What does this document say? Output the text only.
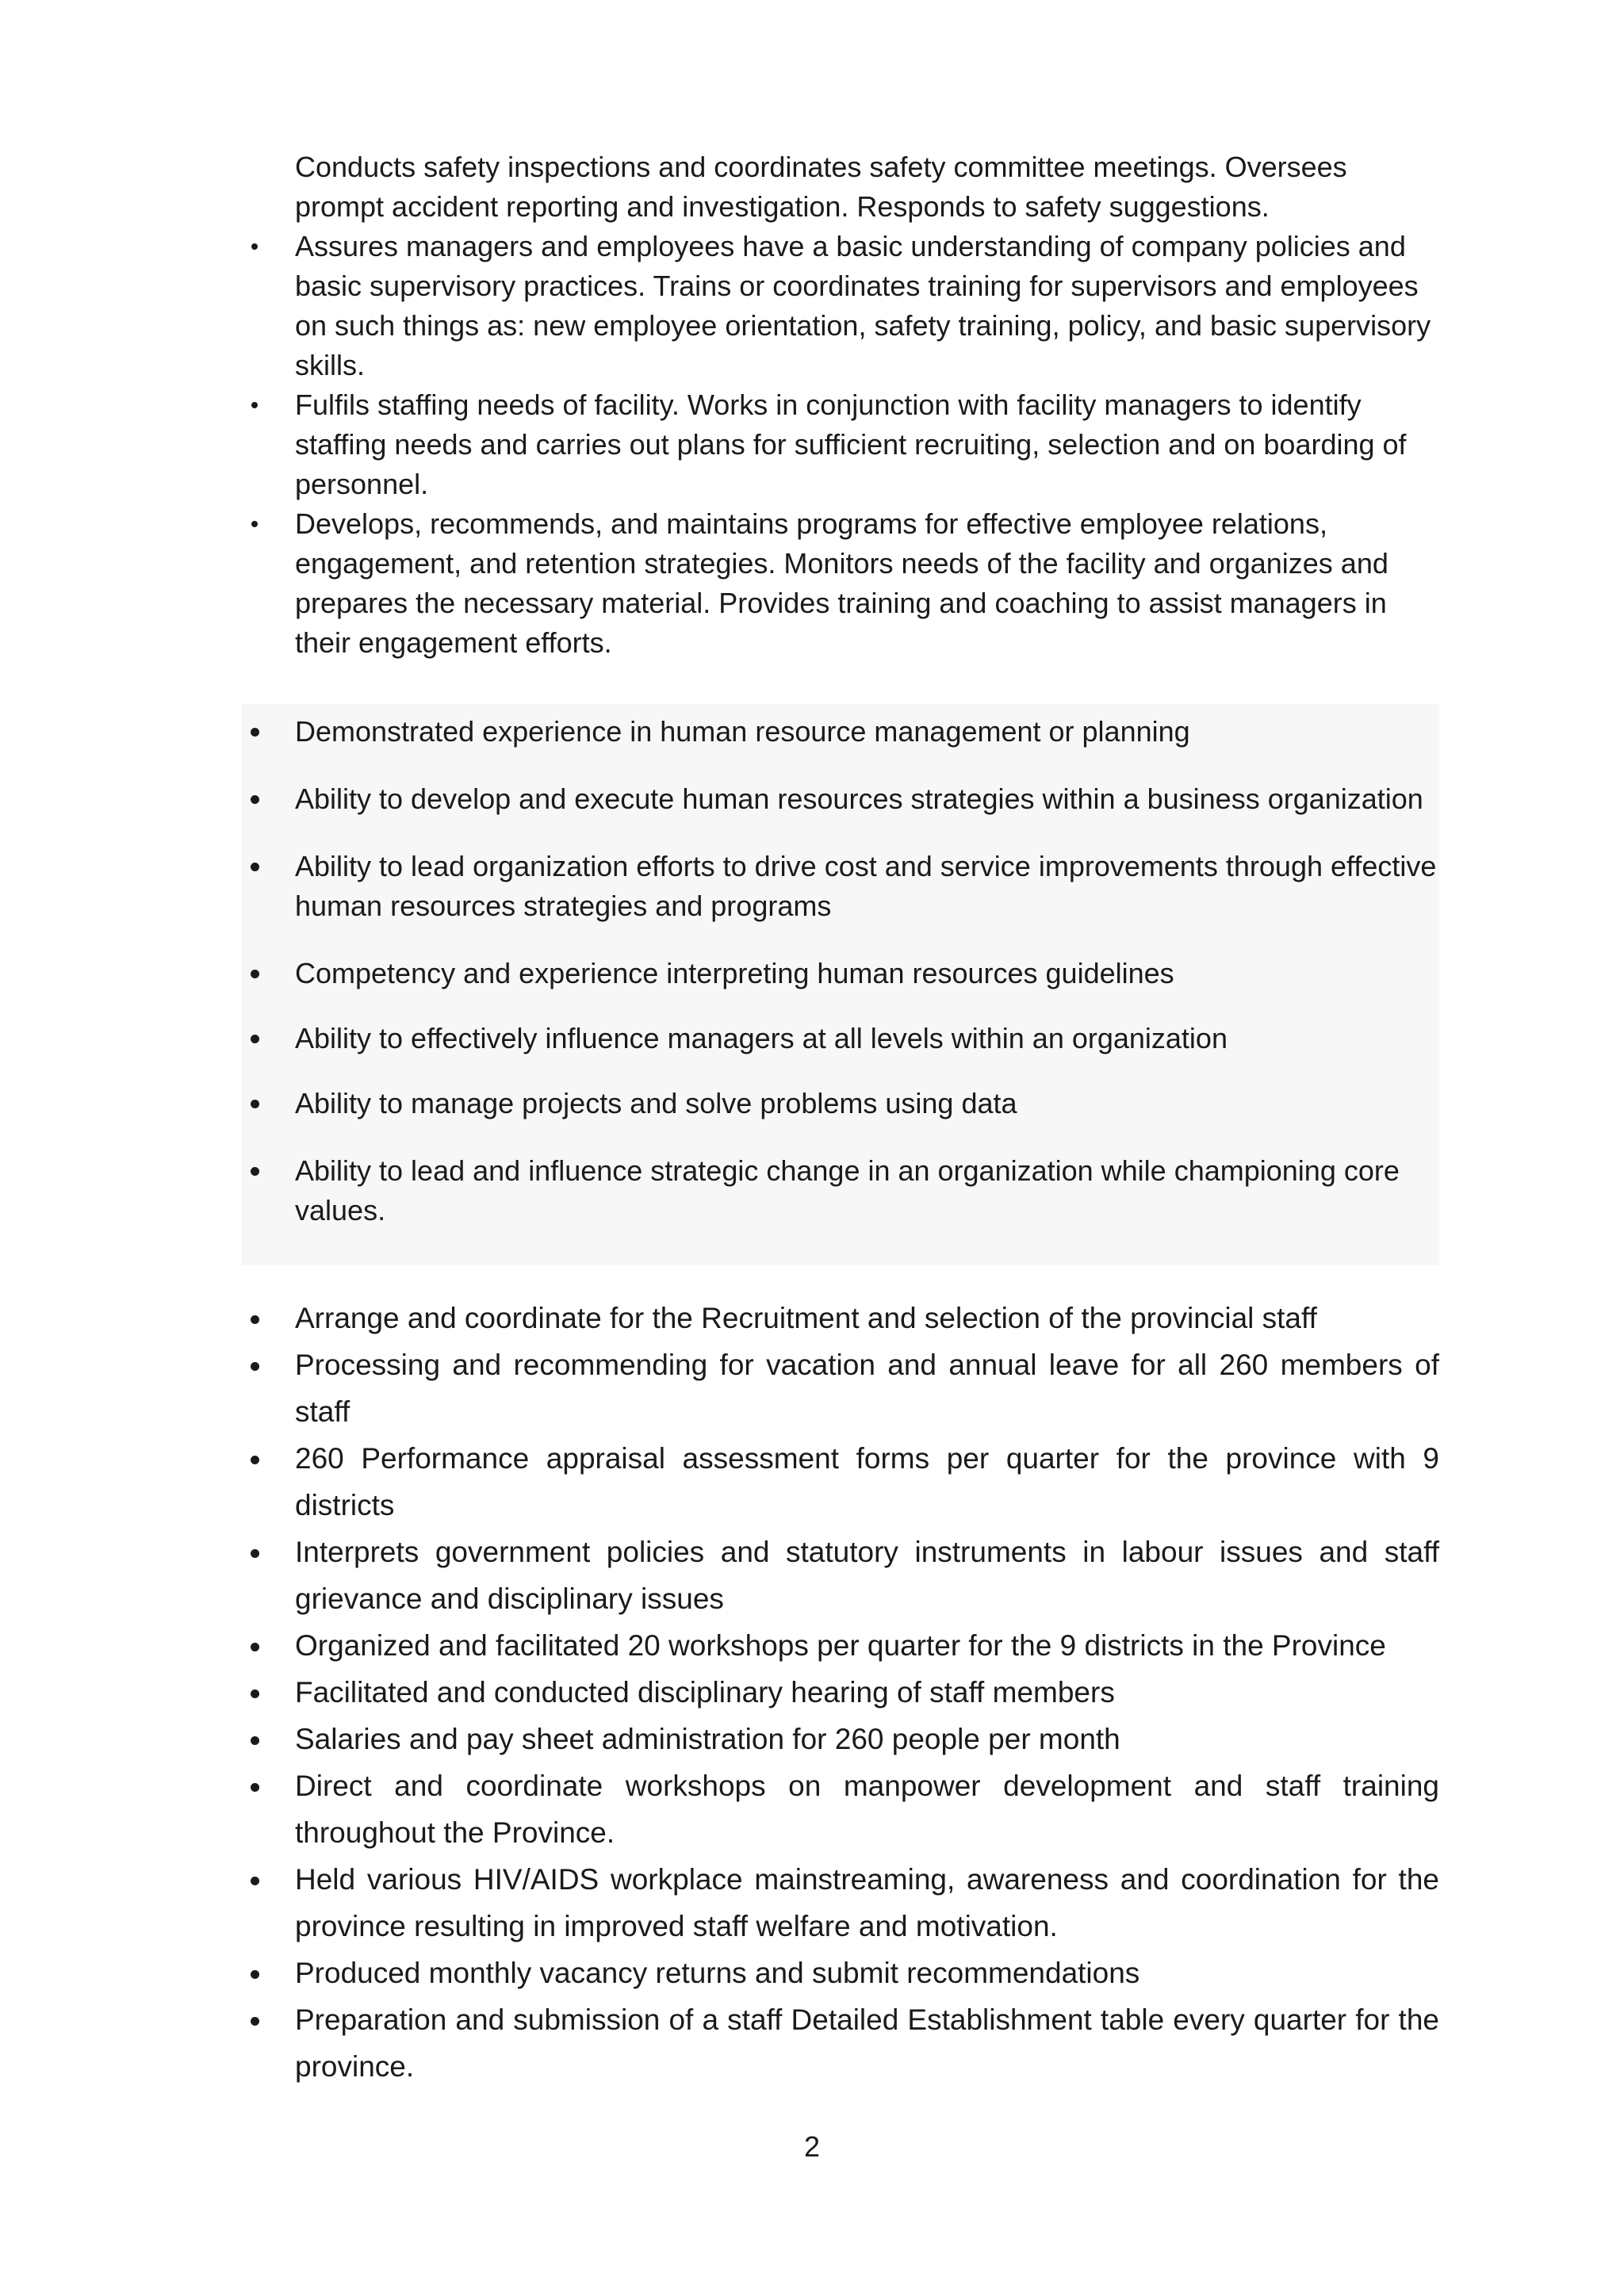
Conducts safety inspections and coordinates safety committee meetings. Oversees

prompt accident reporting and investigation. Responds to safety suggestions.

Assures managers and employees have a basic understanding of company policies and basic supervisory practices. Trains or coordinates training for supervisors and employees on such things as: new employee orientation, safety training, policy, and basic supervisory skills.
Fulfils staffing needs of facility. Works in conjunction with facility managers to identify staffing needs and carries out plans for sufficient recruiting, selection and on boarding of personnel.
Develops, recommends, and maintains programs for effective employee relations, engagement, and retention strategies. Monitors needs of the facility and organizes and prepares the necessary material. Provides training and coaching to assist managers in their engagement efforts.
Demonstrated experience in human resource management or planning
Ability to develop and execute human resources strategies within a business organization
Ability to lead organization efforts to drive cost and service improvements through effective human resources strategies and programs
Competency and experience interpreting human resources guidelines
Ability to effectively influence managers at all levels within an organization
Ability to manage projects and solve problems using data
Ability to lead and influence strategic change in an organization while championing core values.
Arrange and coordinate for the Recruitment and selection of the provincial staff
Processing and recommending for vacation and annual leave for all 260 members of staff
260 Performance appraisal assessment forms per quarter for the province with 9 districts
Interprets government policies and statutory instruments in labour issues and staff grievance and disciplinary issues
Organized and facilitated 20 workshops per quarter for the 9 districts in the Province
Facilitated and conducted disciplinary hearing of staff members
Salaries and pay sheet administration for 260 people per month
Direct and coordinate workshops on manpower development and staff training throughout the Province.
Held various HIV/AIDS workplace mainstreaming, awareness and coordination for the province resulting in improved staff welfare and motivation.
Produced monthly vacancy returns and submit recommendations
Preparation and submission of a staff Detailed Establishment table every quarter for the province.
2
